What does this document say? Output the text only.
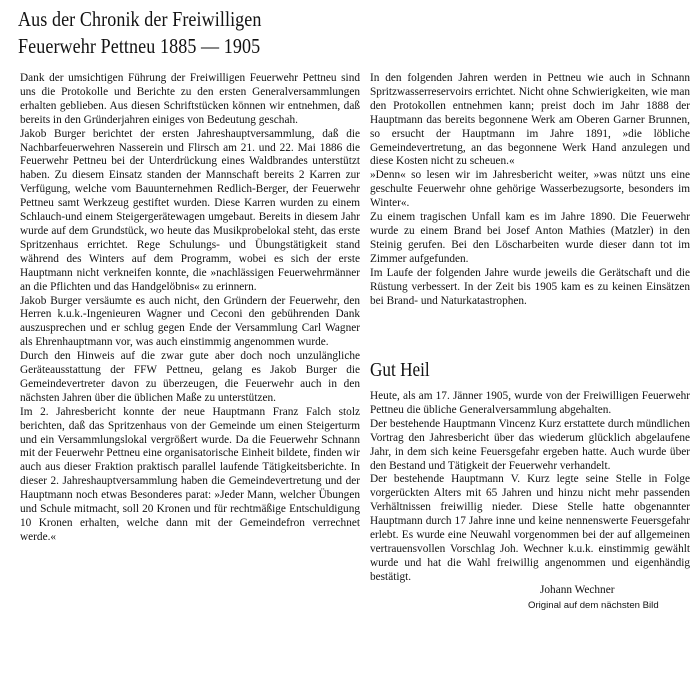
Aus der Chronik der Freiwilligen
Feuerwehr Pettneu 1885 — 1905

Dank der umsichtigen Führung der Freiwilligen Feuerwehr Pettneu sind uns die Protokolle und Berichte zu den ersten Generalversammlungen erhalten geblieben. Aus diesen Schriftstücken können wir entnehmen, daß bereits in den Gründerjahren einiges von Bedeutung geschah.

Jakob Burger berichtet der ersten Jahreshauptversammlung, daß die Nachbarfeuerwehren Nasserein und Flirsch am 21. und 22. Mai 1886 die Feuerwehr Pettneu bei der Unterdrückung eines Waldbrandes unterstützt haben. Zu diesem Einsatz standen der Mannschaft bereits 2 Karren zur Verfügung, welche vom Bauunternehmen Redlich-Berger, der Feuerwehr Pettneu samt Werkzeug gestiftet wurden. Diese Karren wurden zu einem Schlauch-und einem Steigergerätewagen umgebaut. Bereits in diesem Jahr wurde auf dem Grundstück, wo heute das Musikprobelokal steht, das erste Spritzenhaus errichtet. Rege Schulungs- und Übungstätigkeit stand während des Winters auf dem Programm, wobei es sich der erste Hauptmann nicht verkneifen konnte, die »nachlässigen Feuerwehrmänner an die Pflichten und das Handgelöbnis« zu erinnern.

Jakob Burger versäumte es auch nicht, den Gründern der Feuerwehr, den Herren k.u.k.-Ingenieuren Wagner und Ceconi den gebührenden Dank auszusprechen und er schlug gegen Ende der Versammlung Carl Wagner als Ehrenhauptmann vor, was auch einstimmig angenommen wurde.

Durch den Hinweis auf die zwar gute aber doch noch unzulängliche Geräteausstattung der FFW Pettneu, gelang es Jakob Burger die Gemeindevertreter davon zu überzeugen, die Feuerwehr auch in den nächsten Jahren über die üblichen Maße zu unterstützen.

Im 2. Jahresbericht konnte der neue Hauptmann Franz Falch stolz berichten, daß das Spritzenhaus von der Gemeinde um einen Steigerturm und ein Versammlungslokal vergrößert wurde. Da die Feuerwehr Schnann mit der Feuerwehr Pettneu eine organisatorische Einheit bildete, finden wir auch aus dieser Fraktion praktisch parallel laufende Tätigkeitsberichte. In dieser 2. Jahreshauptversammlung haben die Gemeindevertretung und der Hauptmann noch etwas Besonderes parat: »Jeder Mann, welcher Übungen und Schule mitmacht, soll 20 Kronen und für rechtmäßige Entschuldigung 10 Kronen erhalten, welche dann mit der Gemeindefron verrechnet werde.«

In den folgenden Jahren werden in Pettneu wie auch in Schnann Spritzwasserreservoirs errichtet. Nicht ohne Schwierigkeiten, wie man den Protokollen entnehmen kann; preist doch im Jahr 1888 der Hauptmann das bereits begonnene Werk am Oberen Garner Brunnen, so ersucht der Hauptmann im Jahre 1891, »die löbliche Gemeindevertretung, an das begonnene Werk Hand anzulegen und diese Kosten nicht zu scheuen.«

»Denn« so lesen wir im Jahresbericht weiter, »was nützt uns eine geschulte Feuerwehr ohne gehörige Wasserbezugsorte, besonders im Winter«.

Zu einem tragischen Unfall kam es im Jahre 1890. Die Feuerwehr wurde zu einem Brand bei Josef Anton Mathies (Matzler) in den Steinig gerufen. Bei den Löscharbeiten wurde dieser dann tot im Zimmer aufgefunden.

Im Laufe der folgenden Jahre wurde jeweils die Gerätschaft und die Rüstung verbessert. In der Zeit bis 1905 kam es zu keinen Einsätzen bei Brand- und Naturkatastrophen.

Gut Heil

Heute, als am 17. Jänner 1905, wurde von der Freiwilligen Feuerwehr Pettneu die übliche Generalversammlung abgehalten.

Der bestehende Hauptmann Vincenz Kurz erstattete durch mündlichen Vortrag den Jahresbericht über das wiederum glücklich abgelaufene Jahr, in dem sich keine Feuersgefahr ergeben hatte. Auch wurde über den Bestand und Tätigkeit der Feuerwehr verhandelt.

Der bestehende Hauptmann V. Kurz legte seine Stelle in Folge vorgerückten Alters mit 65 Jahren und hinzu nicht mehr passenden Verhältnissen freiwillig nieder. Diese Stelle hatte obgenannter Hauptmann durch 17 Jahre inne und keine nennenswerte Feuersgefahr erlebt. Es wurde eine Neuwahl vorgenommen bei der auf allgemeinen vertrauensvollen Vorschlag Joh. Wechner k.u.k. einstimmig gewählt wurde und hat die Wahl freiwillig angenommen und eigenhändig bestätigt.

Johann Wechner
Original auf dem nächsten Bild
